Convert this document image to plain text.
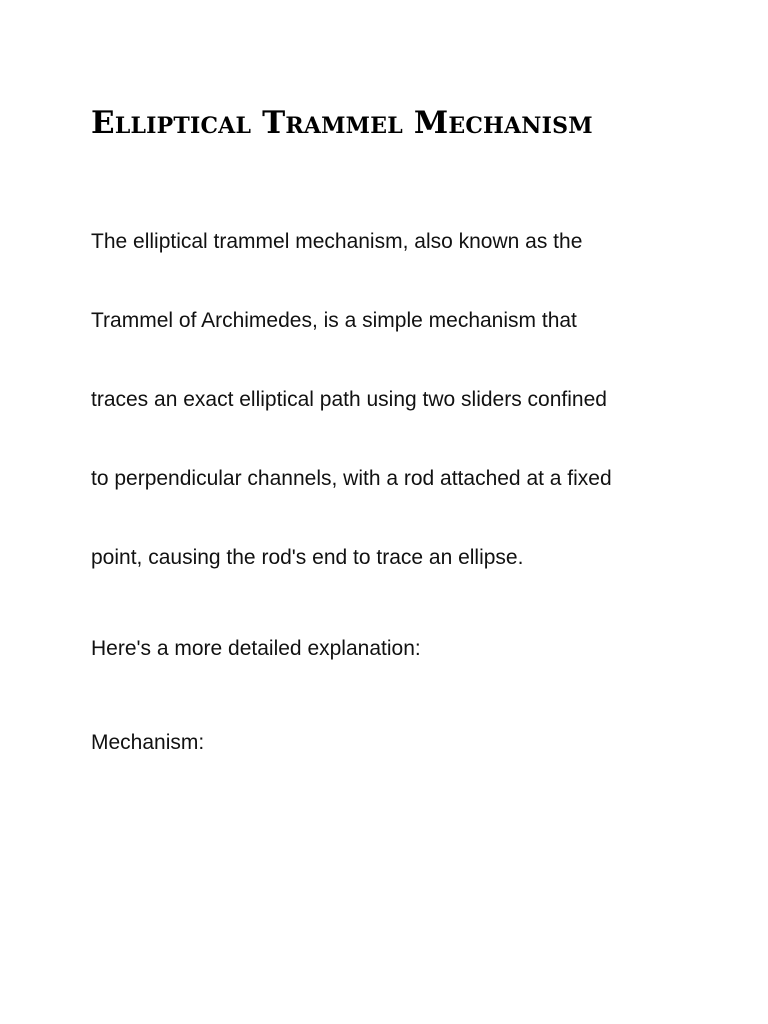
Elliptical Trammel Mechanism

The elliptical trammel mechanism, also known as the

Trammel of Archimedes, is a simple mechanism that

traces an exact elliptical path using two sliders confined

to perpendicular channels, with a rod attached at a fixed

point, causing the rod's end to trace an ellipse.

Here's a more detailed explanation:

Mechanism:
